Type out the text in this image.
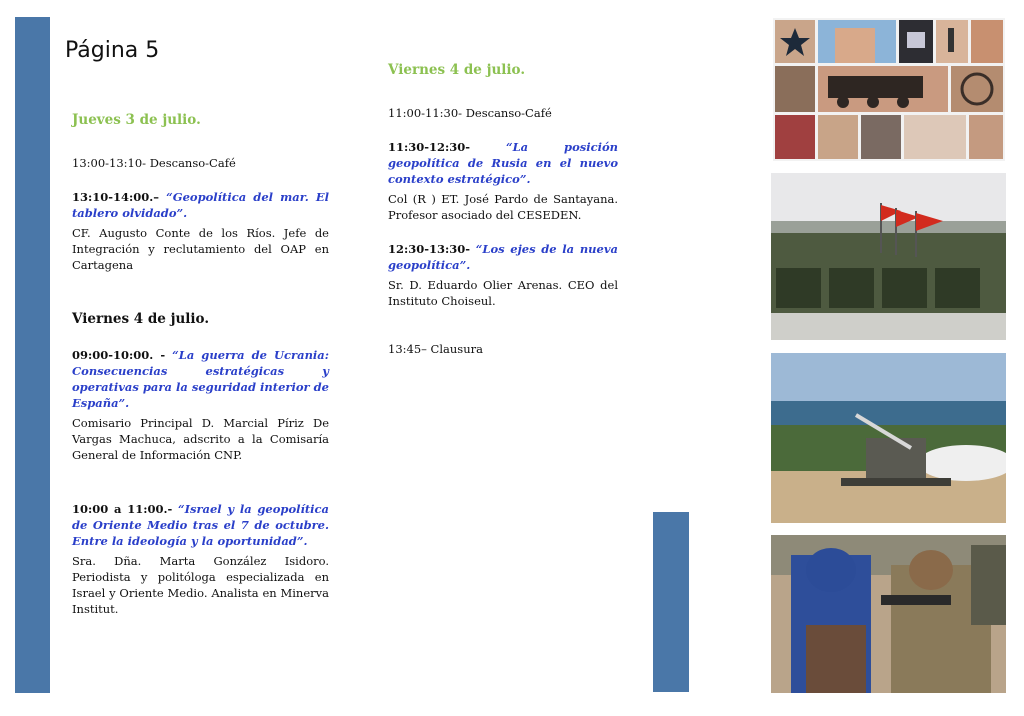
Página 5

Jueves 3 de julio.

13:00-13:10- Descanso-Café

13:10-14:00.– “Geopolítica del mar. El tablero olvidado”.

CF. Augusto Conte de los Ríos. Jefe de Integración y reclutamiento del OAP en Cartagena

Viernes 4 de julio.

09:00-10:00. - “La guerra de Ucrania: Consecuencias estratégicas y operativas para la seguridad interior de España”.

Comisario Principal D. Marcial Píriz De Vargas Machuca, adscrito a la Comisaría General de Información CNP.

10:00 a 11:00.- “Israel y la geopolítica de Oriente Medio tras el 7 de octubre. Entre la ideología y la oportunidad”.

Sra. Dña. Marta González Isidoro. Periodista y politóloga especializada en Israel y Oriente Medio. Analista en Minerva Institut.

Viernes 4 de julio.

11:00-11:30- Descanso-Café

11:30-12:30- “La posición geopolítica de Rusia en el nuevo contexto estratégico”.

Col (R ) ET. José Pardo de Santayana. Profesor asociado del CESEDEN.

12:30-13:30- “Los ejes de la nueva geopolítica”.

Sr. D. Eduardo Olier Arenas. CEO del Instituto Choiseul.

13:45– Clausura
